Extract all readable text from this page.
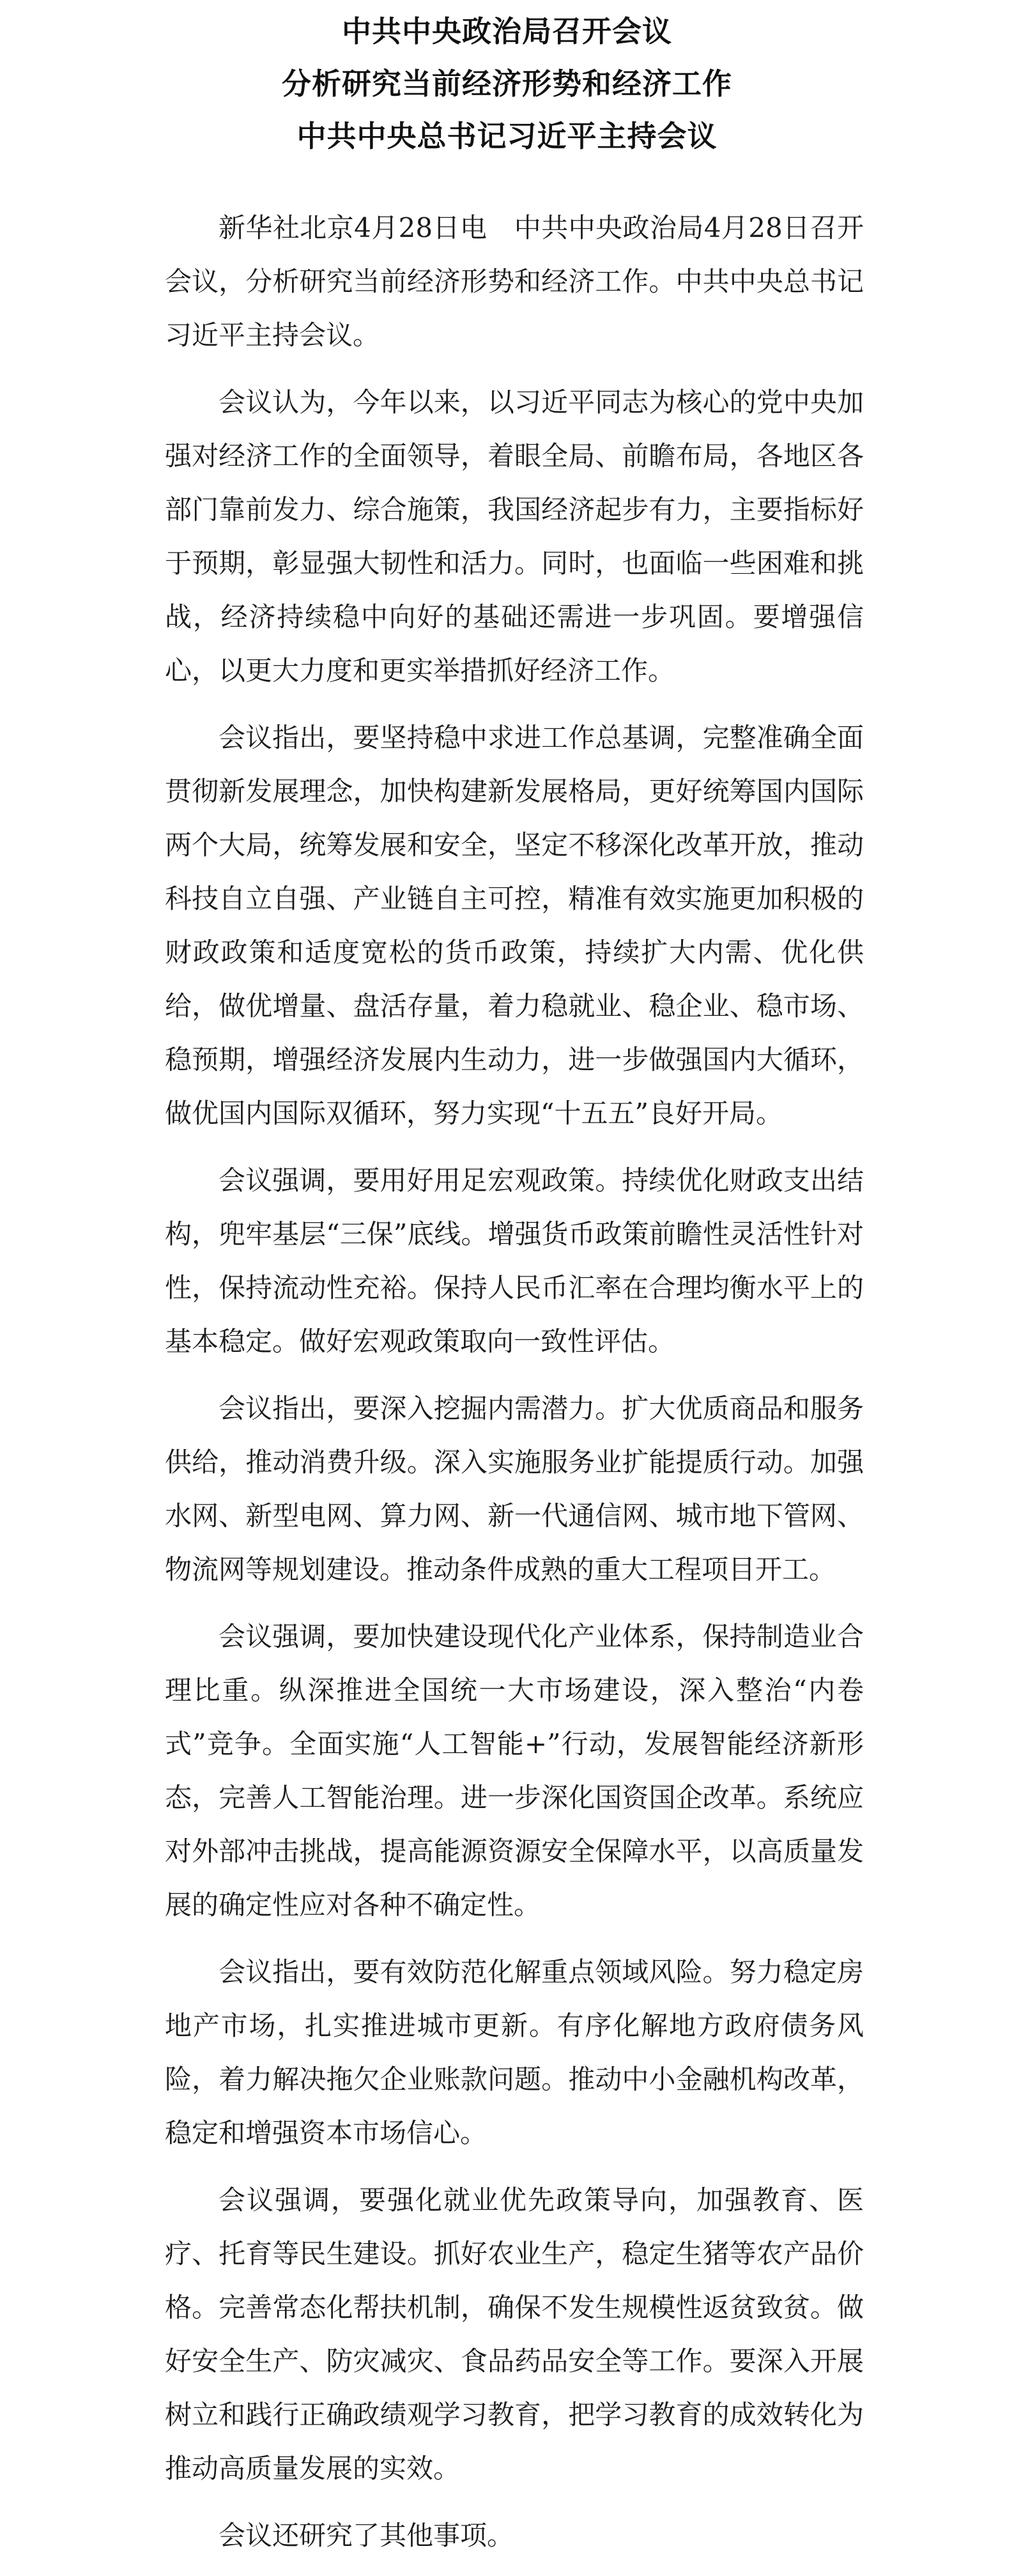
中共中央政治局召开会议
分析研究当前经济形势和经济工作
中共中央总书记习近平主持会议

新华社北京4月28日电　中共中央政治局4月28日召开会议，分析研究当前经济形势和经济工作。中共中央总书记习近平主持会议。

会议认为，今年以来，以习近平同志为核心的党中央加强对经济工作的全面领导，着眼全局、前瞻布局，各地区各部门靠前发力、综合施策，我国经济起步有力，主要指标好于预期，彰显强大韧性和活力。同时，也面临一些困难和挑战，经济持续稳中向好的基础还需进一步巩固。要增强信心，以更大力度和更实举措抓好经济工作。

会议指出，要坚持稳中求进工作总基调，完整准确全面贯彻新发展理念，加快构建新发展格局，更好统筹国内国际两个大局，统筹发展和安全，坚定不移深化改革开放，推动科技自立自强、产业链自主可控，精准有效实施更加积极的财政政策和适度宽松的货币政策，持续扩大内需、优化供给，做优增量、盘活存量，着力稳就业、稳企业、稳市场、稳预期，增强经济发展内生动力，进一步做强国内大循环，做优国内国际双循环，努力实现“十五五”良好开局。

会议强调，要用好用足宏观政策。持续优化财政支出结构，兜牢基层“三保”底线。增强货币政策前瞻性灵活性针对性，保持流动性充裕。保持人民币汇率在合理均衡水平上的基本稳定。做好宏观政策取向一致性评估。

会议指出，要深入挖掘内需潜力。扩大优质商品和服务供给，推动消费升级。深入实施服务业扩能提质行动。加强水网、新型电网、算力网、新一代通信网、城市地下管网、物流网等规划建设。推动条件成熟的重大工程项目开工。

会议强调，要加快建设现代化产业体系，保持制造业合理比重。纵深推进全国统一大市场建设，深入整治“内卷式”竞争。全面实施“人工智能+”行动，发展智能经济新形态，完善人工智能治理。进一步深化国资国企改革。系统应对外部冲击挑战，提高能源资源安全保障水平，以高质量发展的确定性应对各种不确定性。

会议指出，要有效防范化解重点领域风险。努力稳定房地产市场，扎实推进城市更新。有序化解地方政府债务风险，着力解决拖欠企业账款问题。推动中小金融机构改革，稳定和增强资本市场信心。

会议强调，要强化就业优先政策导向，加强教育、医疗、托育等民生建设。抓好农业生产，稳定生猪等农产品价格。完善常态化帮扶机制，确保不发生规模性返贫致贫。做好安全生产、防灾减灾、食品药品安全等工作。要深入开展树立和践行正确政绩观学习教育，把学习教育的成效转化为推动高质量发展的实效。

会议还研究了其他事项。
